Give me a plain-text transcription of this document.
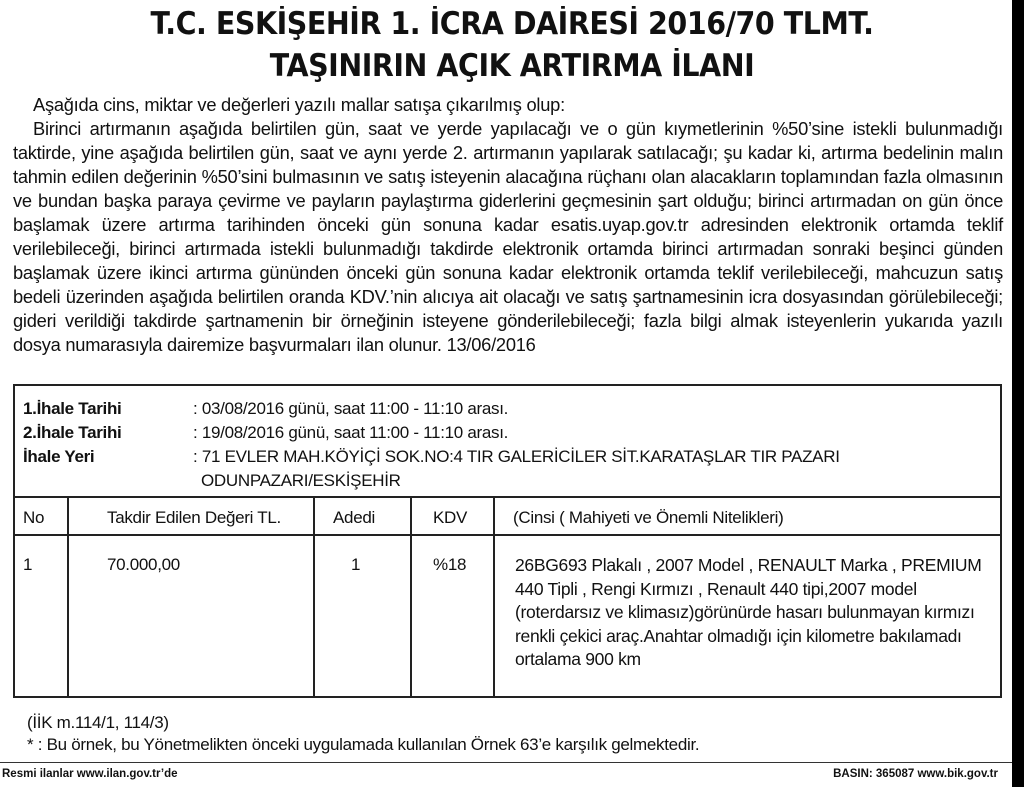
T.C. ESKİŞEHİR 1. İCRA DAİRESİ 2016/70 TLMT.
TAŞINIRIN AÇIK ARTIRMA İLANI

Aşağıda cins, miktar ve değerleri yazılı mallar satışa çıkarılmış olup:

Birinci artırmanın aşağıda belirtilen gün, saat ve yerde yapılacağı ve o gün kıymetlerinin %50’sine istekli bulunmadığı taktirde, yine aşağıda belirtilen gün, saat ve aynı yerde 2. artırmanın yapılarak satılacağı; şu kadar ki, artırma bedelinin malın tahmin edilen değerinin %50’sini bulmasının ve satış isteyenin alacağına rüçhanı olan alacakların toplamından fazla olmasının ve bundan başka paraya çevirme ve payların paylaştırma giderlerini geçmesinin şart olduğu; birinci artırmadan on gün önce başlamak üzere artırma tarihinden önceki gün sonuna kadar esatis.uyap.gov.tr adresinden elektronik ortamda teklif verilebileceği, birinci artırmada istekli bulunmadığı takdirde elektronik ortamda birinci artırmadan sonraki beşinci günden başlamak üzere ikinci artırma gününden önceki gün sonuna kadar elektronik ortamda teklif verilebileceği, mahcuzun satış bedeli üzerinden aşağıda belirtilen oranda KDV.’nin alıcıya ait olacağı ve satış şartnamesinin icra dosyasından görülebileceği; gideri verildiği takdirde şartnamenin bir örneğinin isteyene gönderilebileceği; fazla bilgi almak isteyenlerin yukarıda yazılı dosya numarasıyla dairemize başvurmaları ilan olunur. 13/06/2016

1.İhale Tarihi	: 03/08/2016 günü, saat 11:00 - 11:10 arası.
2.İhale Tarihi	: 19/08/2016 günü, saat 11:00 - 11:10 arası.
İhale Yeri	: 71 EVLER MAH.KÖYİÇİ SOK.NO:4 TIR GALERİCİLER SİT.KARATAŞLAR TIR PAZARI
ODUNPAZARI/ESKİŞEHİR
No	Takdir Edilen Değeri TL.	Adedi	KDV	(Cinsi ( Mahiyeti ve Önemli Nitelikleri)
1	70.000,00	1	%18	26BG693 Plakalı , 2007 Model , RENAULT Marka , PREMIUM 440 Tipli , Rengi Kırmızı , Renault 440 tipi,2007 model (roterdarsız ve klimasız)görünürde hasarı bulunmayan kırmızı renkli çekici araç.Anahtar olmadığı için kilometre bakılamadı ortalama 900 km
(İİK m.114/1, 114/3)
* : Bu örnek, bu Yönetmelikten önceki uygulamada kullanılan Örnek 63’e karşılık gelmektedir.
Resmi ilanlar www.ilan.gov.tr’de	BASIN: 365087 www.bik.gov.tr
